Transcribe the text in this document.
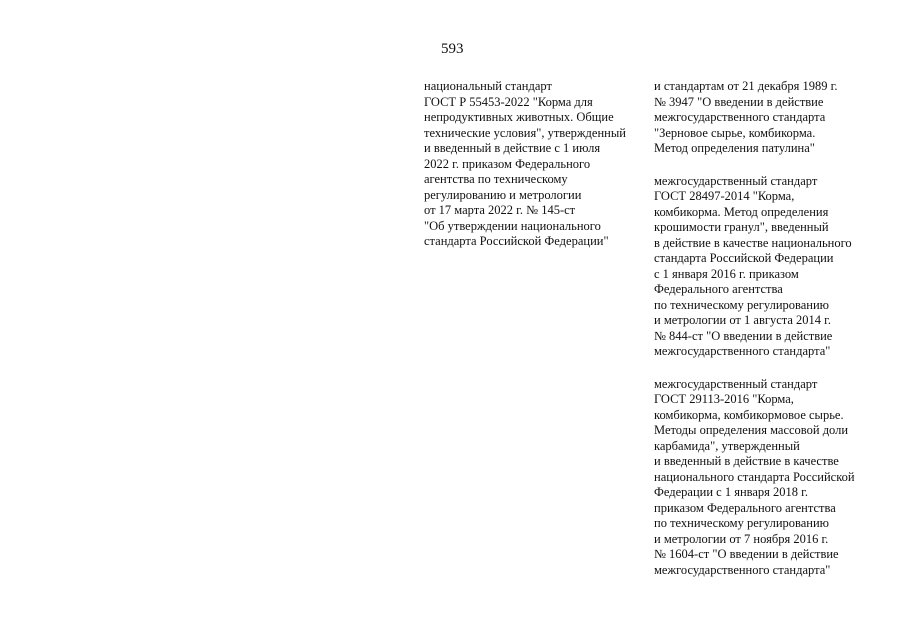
593
национальный стандарт
ГОСТ Р 55453-2022 "Корма для
непродуктивных животных. Общие
технические условия", утвержденный
и введенный в действие с 1 июля
2022 г. приказом Федерального
агентства по техническому
регулированию и метрологии
от 17 марта 2022 г. № 145-ст
"Об утверждении национального
стандарта Российской Федерации"
и стандартам от 21 декабря 1989 г.
№ 3947 "О введении в действие
межгосударственного стандарта
"Зерновое сырье, комбикорма.
Метод определения патулина"
межгосударственный стандарт
ГОСТ 28497-2014 "Корма,
комбикорма. Метод определения
крошимости гранул", введенный
в действие в качестве национального
стандарта Российской Федерации
с 1 января 2016 г. приказом
Федерального агентства
по техническому регулированию
и метрологии от 1 августа 2014 г.
№ 844-ст "О введении в действие
межгосударственного стандарта"
межгосударственный стандарт
ГОСТ 29113-2016 "Корма,
комбикорма, комбикормовое сырье.
Методы определения массовой доли
карбамида", утвержденный
и введенный в действие в качестве
национального стандарта Российской
Федерации с 1 января 2018 г.
приказом Федерального агентства
по техническому регулированию
и метрологии от 7 ноября 2016 г.
№ 1604-ст "О введении в действие
межгосударственного стандарта"
